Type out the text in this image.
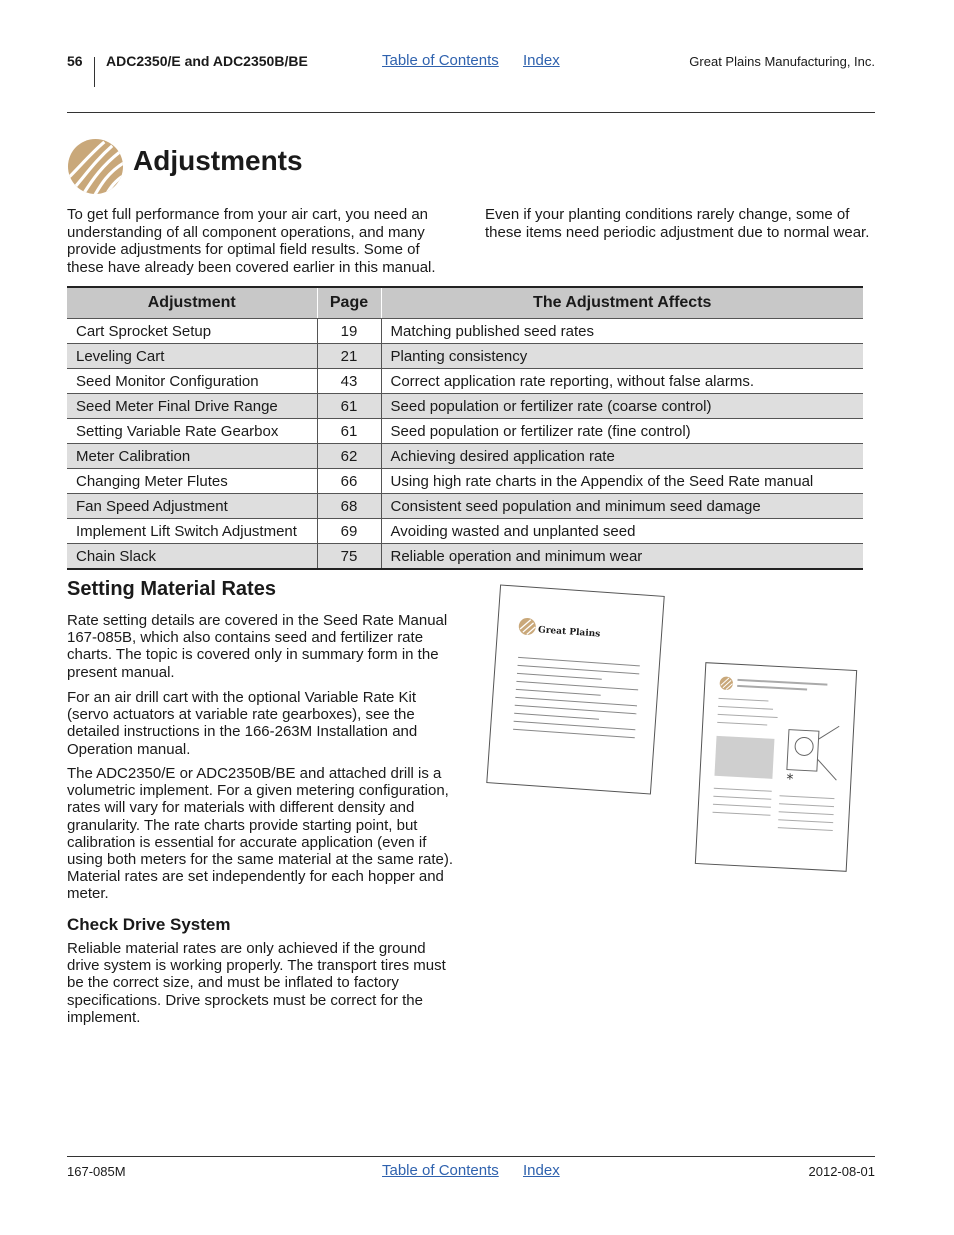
56 ADC2350/E and ADC2350B/BE	Table of Contents Index	Great Plains Manufacturing, Inc.
Adjustments
To get full performance from your air cart, you need an understanding of all component operations, and many provide adjustments for optimal field results. Some of these have already been covered earlier in this manual.
Even if your planting conditions rarely change, some of these items need periodic adjustment due to normal wear.
Adjustment	Page	The Adjustment Affects
Cart Sprocket Setup	19	Matching published seed rates
Leveling Cart	21	Planting consistency
Seed Monitor Configuration	43	Correct application rate reporting, without false alarms.
Seed Meter Final Drive Range	61	Seed population or fertilizer rate (coarse control)
Setting Variable Rate Gearbox	61	Seed population or fertilizer rate (fine control)
Meter Calibration	62	Achieving desired application rate
Changing Meter Flutes	66	Using high rate charts in the Appendix of the Seed Rate manual
Fan Speed Adjustment	68	Consistent seed population and minimum seed damage
Implement Lift Switch Adjustment	69	Avoiding wasted and unplanted seed
Chain Slack	75	Reliable operation and minimum wear
Setting Material Rates

Rate setting details are covered in the Seed Rate Manual 167-085B, which also contains seed and fertilizer rate charts. The topic is covered only in summary form in the present manual.

For an air drill cart with the optional Variable Rate Kit (servo actuators at variable rate gearboxes), see the detailed instructions in the 166-263M Installation and Operation manual.

The ADC2350/E or ADC2350B/BE and attached drill is a volumetric implement. For a given metering configuration, rates will vary for materials with different density and granularity. The rate charts provide starting point, but calibration is essential for accurate application (even if using both meters for the same material at the same rate). Material rates are set independently for each hopper and meter.

Check Drive System

Reliable material rates are only achieved if the ground drive system is working properly. The transport tires must be the correct size, and must be inflated to factory specifications. Drive sprockets must be correct for the implement.

Great Plains
*
167-085M	Table of Contents Index	2012-08-01
